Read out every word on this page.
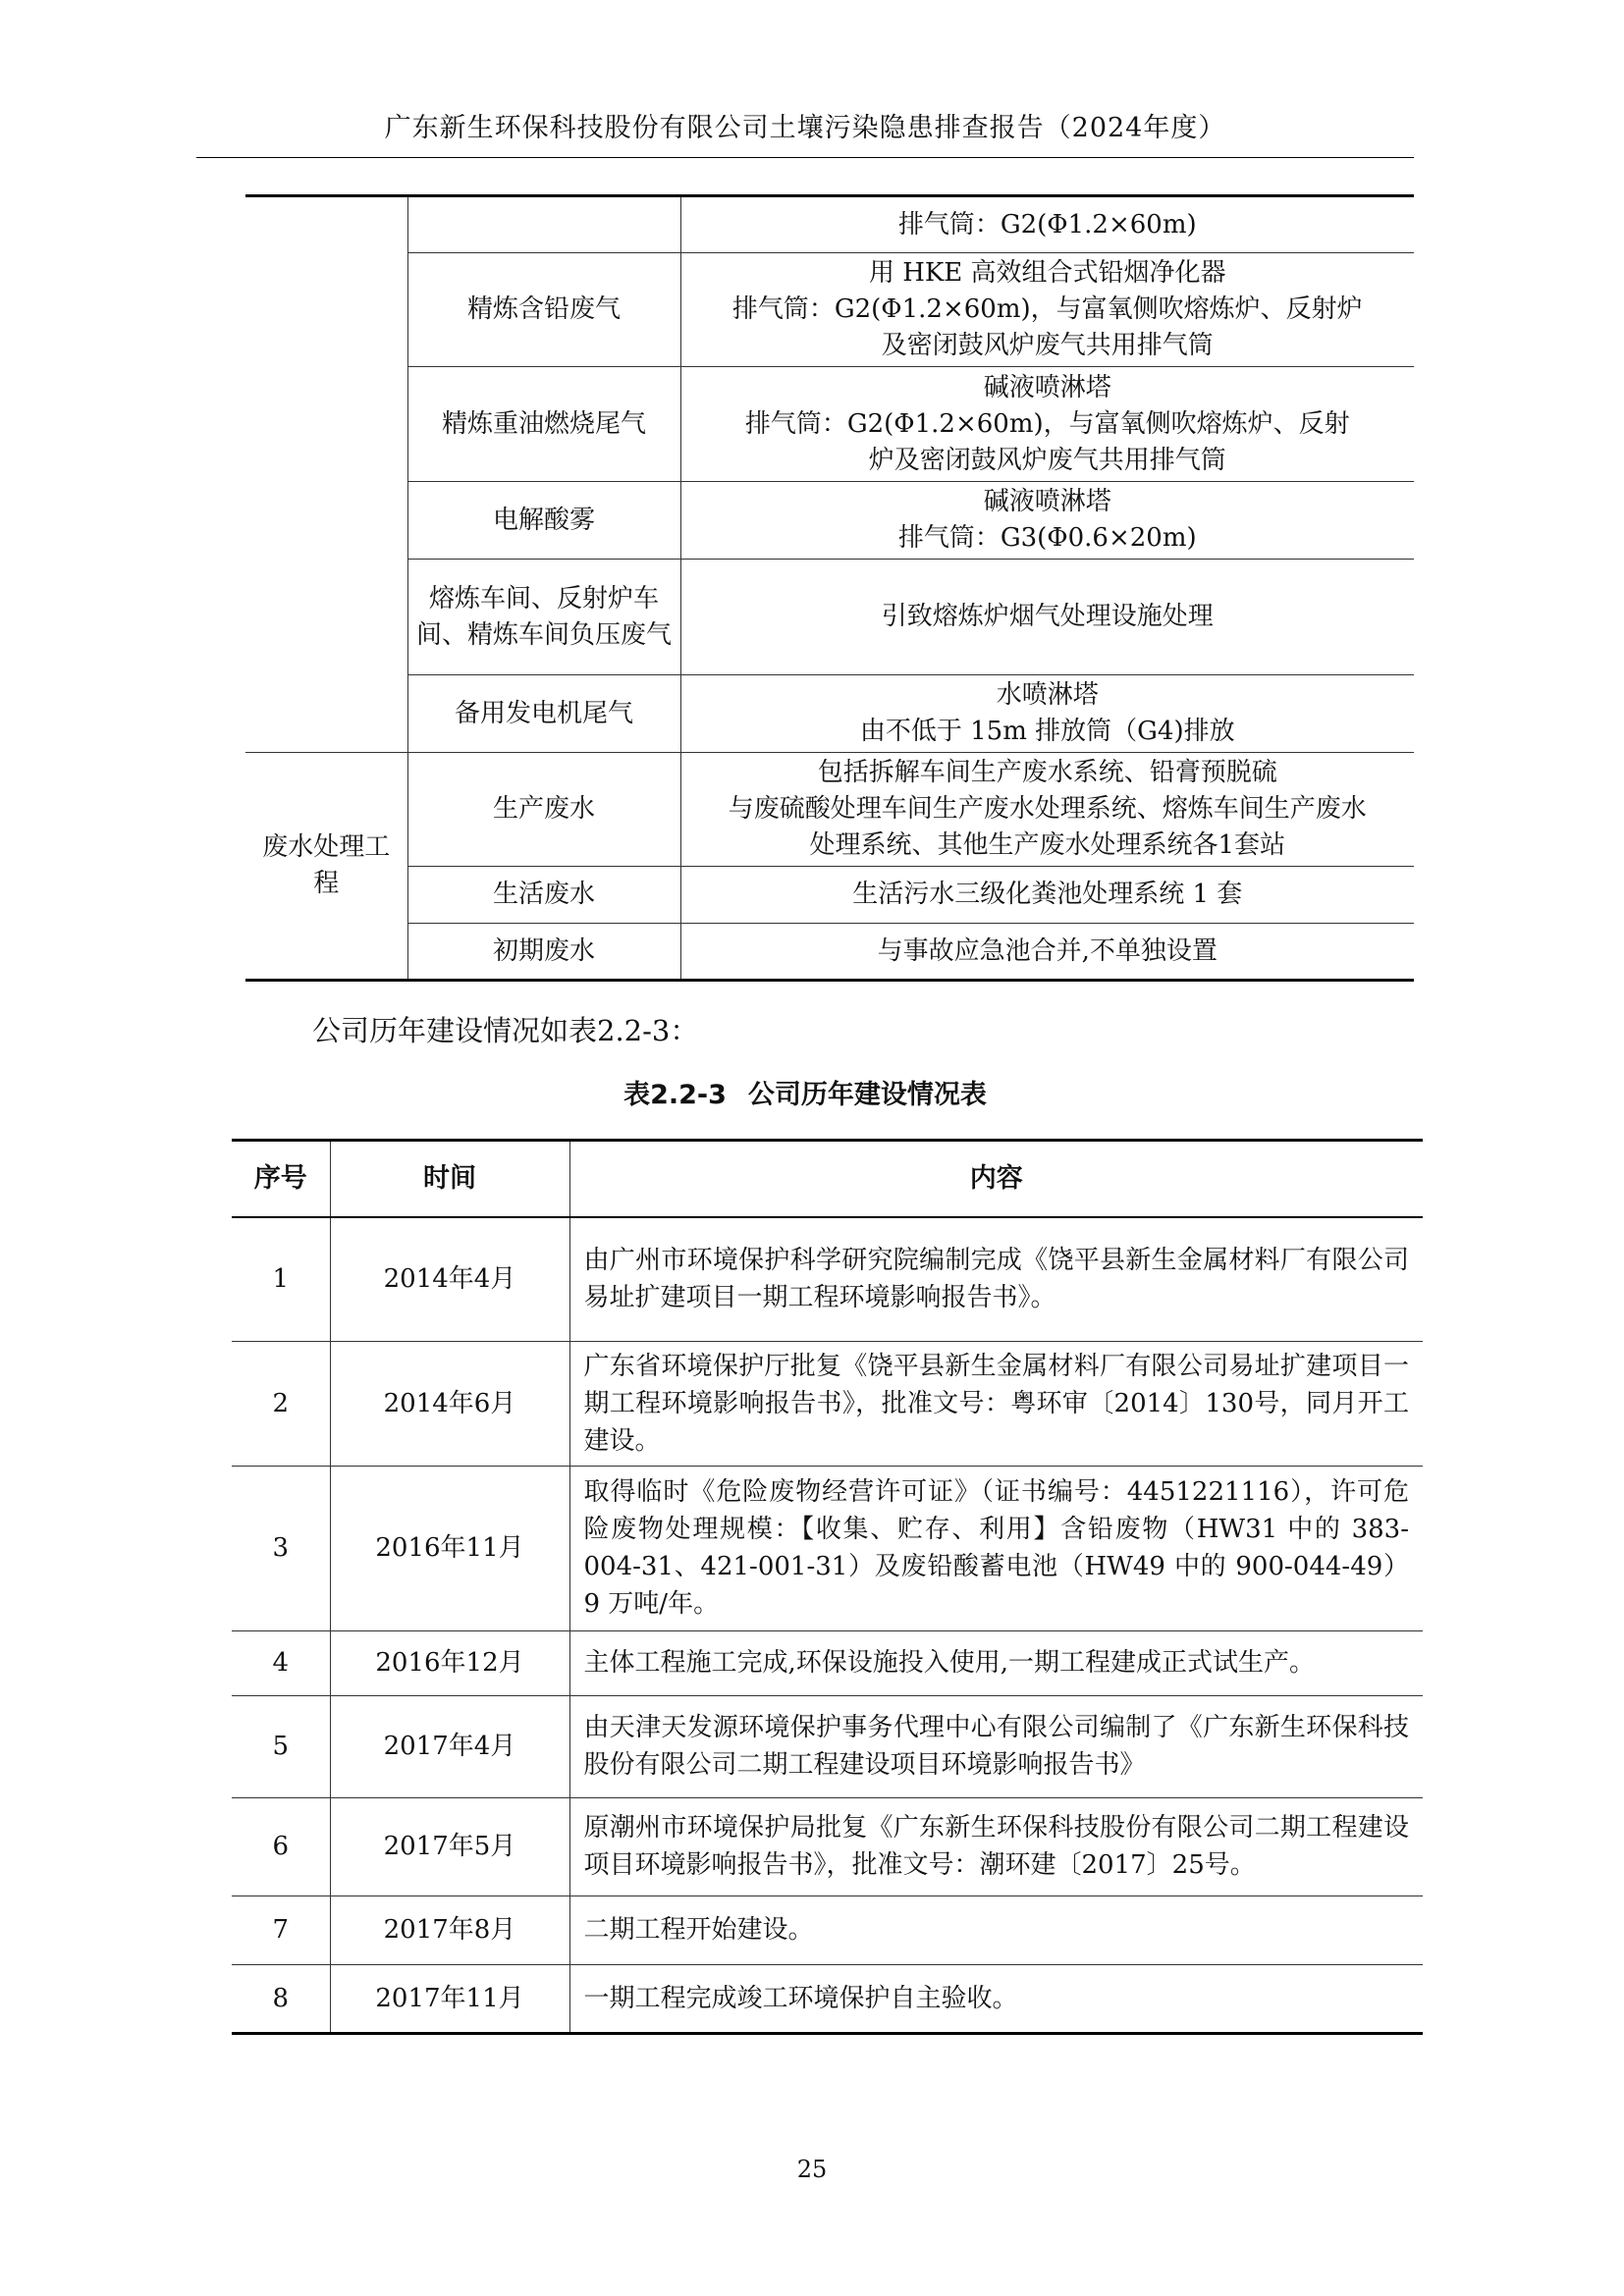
广东新生环保科技股份有限公司土壤污染隐患排查报告（2024年度）

		排气筒：G2(Φ1.2×60m)

	精炼含铅废气	用 HKE 高效组合式铅烟净化器
排气筒：G2(Φ1.2×60m)，与富氧侧吹熔炼炉、反射炉
及密闭鼓风炉废气共用排气筒

	精炼重油燃烧尾气	碱液喷淋塔
排气筒：G2(Φ1.2×60m)，与富氧侧吹熔炼炉、反射
炉及密闭鼓风炉废气共用排气筒

	电解酸雾	碱液喷淋塔
排气筒：G3(Φ0.6×20m)

	熔炼车间、反射炉车间、精炼车间负压废气	引致熔炼炉烟气处理设施处理

	备用发电机尾气	水喷淋塔
由不低于 15m 排放筒（G4)排放

废水处理工程	生产废水	包括拆解车间生产废水系统、铅膏预脱硫
与废硫酸处理车间生产废水处理系统、熔炼车间生产废水
处理系统、其他生产废水处理系统各1套站

	生活废水	生活污水三级化粪池处理系统 1 套

	初期废水	与事故应急池合并,不单独设置
公司历年建设情况如表2.2-3：
表2.2-3 公司历年建设情况表
序号	时间	内容
1	2014年4月	由广州市环境保护科学研究院编制完成《饶平县新生金属材料厂有限公司易址扩建项目一期工程环境影响报告书》。
2	2014年6月	广东省环境保护厅批复《饶平县新生金属材料厂有限公司易址扩建项目一期工程环境影响报告书》，批准文号：粤环审〔2014〕130号，同月开工建设。
3	2016年11月	取得临时《危险废物经营许可证》（证书编号：4451221116），许可危险废物处理规模：【收集、贮存、利用】含铅废物（HW31 中的 383-004-31、421-001-31）及废铅酸蓄电池（HW49 中的 900-044-49） 9 万吨/年。
4	2016年12月	主体工程施工完成,环保设施投入使用,一期工程建成正式试生产。
5	2017年4月	由天津天发源环境保护事务代理中心有限公司编制了《广东新生环保科技股份有限公司二期工程建设项目环境影响报告书》
6	2017年5月	原潮州市环境保护局批复《广东新生环保科技股份有限公司二期工程建设项目环境影响报告书》，批准文号：潮环建〔2017〕25号。
7	2017年8月	二期工程开始建设。
8	2017年11月	一期工程完成竣工环境保护自主验收。
25
